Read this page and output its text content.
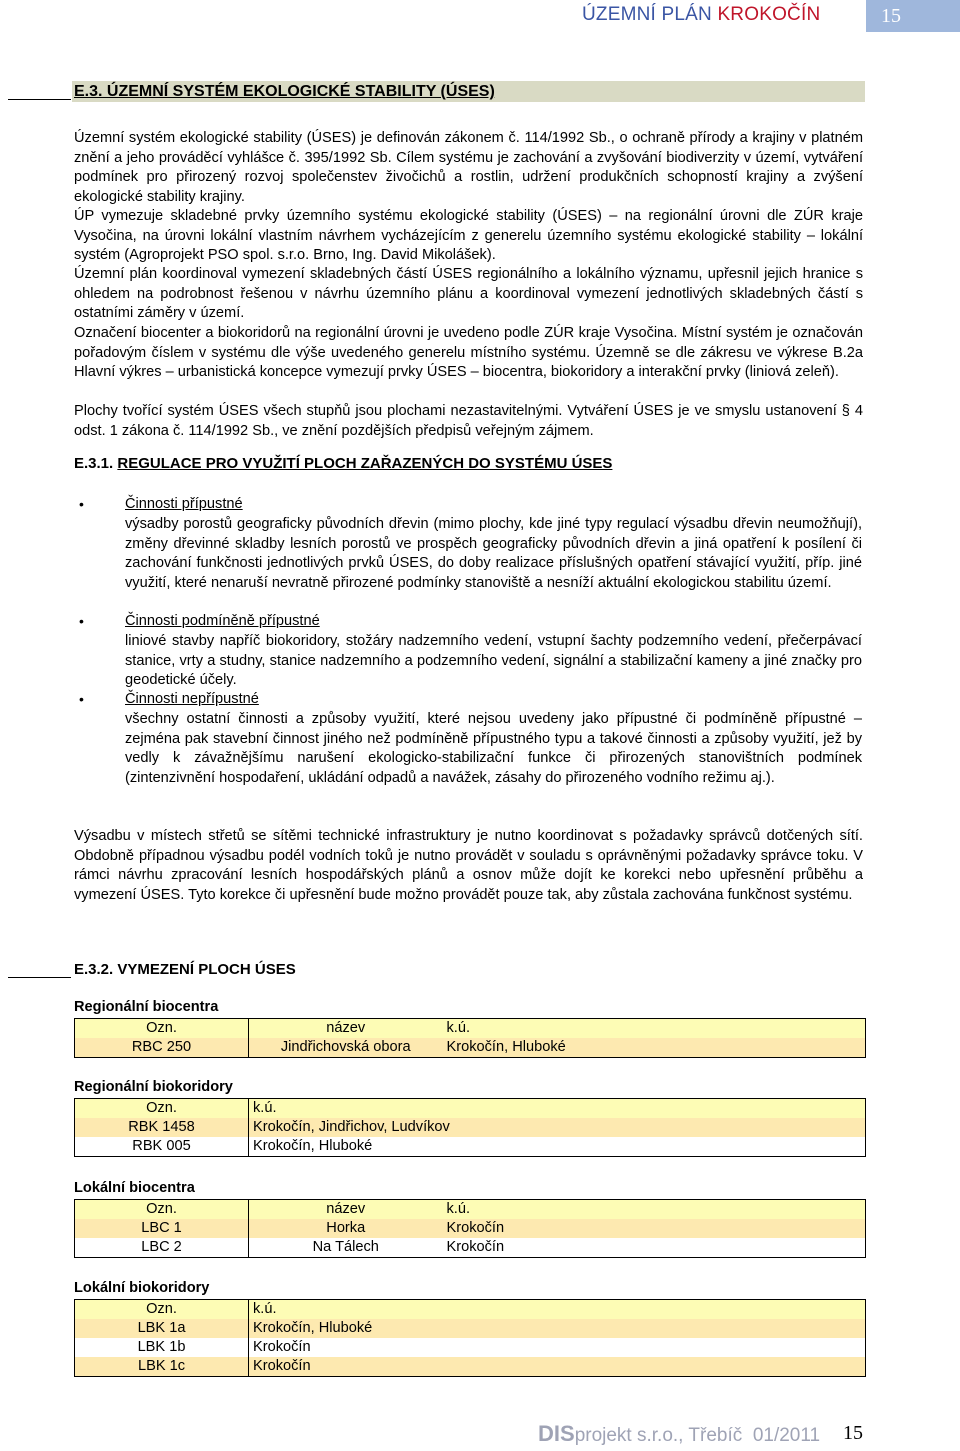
ÚZEMNÍ PLÁN KROKOČÍN	15
E.3. ÚZEMNÍ SYSTÉM EKOLOGICKÉ STABILITY (ÚSES)

Územní systém ekologické stability (ÚSES) je definován zákonem č. 114/1992 Sb., o ochraně přírody a krajiny v platném znění a jeho prováděcí vyhlášce č. 395/1992 Sb. Cílem systému je zachování a zvyšování biodiverzity v území, vytváření podmínek pro přirozený rozvoj společenstev živočichů a rostlin, udržení produkčních schopností krajiny a zvýšení ekologické stability krajiny.

ÚP vymezuje skladebné prvky územního systému ekologické stability (ÚSES) – na regionální úrovni dle ZÚR kraje Vysočina, na úrovni lokální vlastním návrhem vycházejícím z generelu územního systému ekologické stability – lokální systém (Agroprojekt PSO spol. s.r.o. Brno, Ing. David Mikolášek).

Územní plán koordinoval vymezení skladebných částí ÚSES regionálního a lokálního významu, upřesnil jejich hranice s ohledem na podrobnost řešenou v návrhu územního plánu a koordinoval vymezení jednotlivých skladebných částí s ostatními záměry v území.

Označení biocenter a biokoridorů na regionální úrovni je uvedeno podle ZÚR kraje Vysočina. Místní systém je označován pořadovým číslem v systému dle výše uvedeného generelu místního systému. Územně se dle zákresu ve výkrese B.2a Hlavní výkres – urbanistická koncepce vymezují prvky ÚSES – biocentra, biokoridory a interakční prvky (liniová zeleň).

Plochy tvořící systém ÚSES všech stupňů jsou plochami nezastavitelnými. Vytváření ÚSES je ve smyslu ustanovení § 4 odst. 1 zákona č. 114/1992 Sb., ve znění pozdějších předpisů veřejným zájmem.

E.3.1. REGULACE PRO VYUŽITÍ PLOCH ZAŘAZENÝCH DO SYSTÉMU ÚSES
•	Činnosti přípustné

výsadby porostů geograficky původních dřevin (mimo plochy, kde jiné typy regulací výsadbu dřevin neumožňují), změny dřevinné skladby lesních porostů ve prospěch geograficky původních dřevin a jiná opatření k posílení či zachování funkčnosti jednotlivých prvků ÚSES, do doby realizace příslušných opatření stávající využití, příp. jiné využití, které nenaruší nevratně přirozené podmínky stanoviště a nesníží aktuální ekologickou stabilitu území.

•	Činnosti podmíněně přípustné

liniové stavby napříč biokoridory, stožáry nadzemního vedení, vstupní šachty podzemního vedení, přečerpávací stanice, vrty a studny, stanice nadzemního a podzemního vedení, signální a stabilizační kameny a jiné značky pro geodetické účely.

•	Činnosti nepřípustné

všechny ostatní činnosti a způsoby využití, které nejsou uvedeny jako přípustné či podmíněně přípustné – zejména pak stavební činnost jiného než podmíněně přípustného typu a takové činnosti a způsoby využití, jež by vedly k závažnějšímu narušení ekologicko-stabilizační funkce či přirozených stanovištních podmínek (zintenzivnění hospodaření, ukládání odpadů a navážek, zásahy do přirozeného vodního režimu aj.).

Výsadbu v místech střetů se sítěmi technické infrastruktury je nutno koordinovat s požadavky správců dotčených sítí. Obdobně případnou výsadbu podél vodních toků je nutno provádět v souladu s oprávněnými požadavky správce toku. V rámci návrhu zpracování lesních hospodářských plánů a osnov může dojít ke korekci nebo upřesnění průběhu a vymezení ÚSES. Tyto korekce či upřesnění bude možno provádět pouze tak, aby zůstala zachována funkčnost systému.

E.3.2. VYMEZENÍ PLOCH ÚSES
Regionální biocentra
Ozn.	název	k.ú.
RBC 250	Jindřichovská obora	Krokočín, Hluboké
Regionální biokoridory
Ozn.	k.ú.
RBK 1458	Krokočín, Jindřichov, Ludvíkov
RBK 005	Krokočín, Hluboké
Lokální biocentra
Ozn.	název	k.ú.
LBC 1	Horka	Krokočín
LBC 2	Na Tálech	Krokočín
Lokální biokoridory
Ozn.	k.ú.
LBK 1a	Krokočín, Hluboké
LBK 1b	Krokočín
LBK 1c	Krokočín
DISprojekt s.r.o., Třebíč 01/2011 15
